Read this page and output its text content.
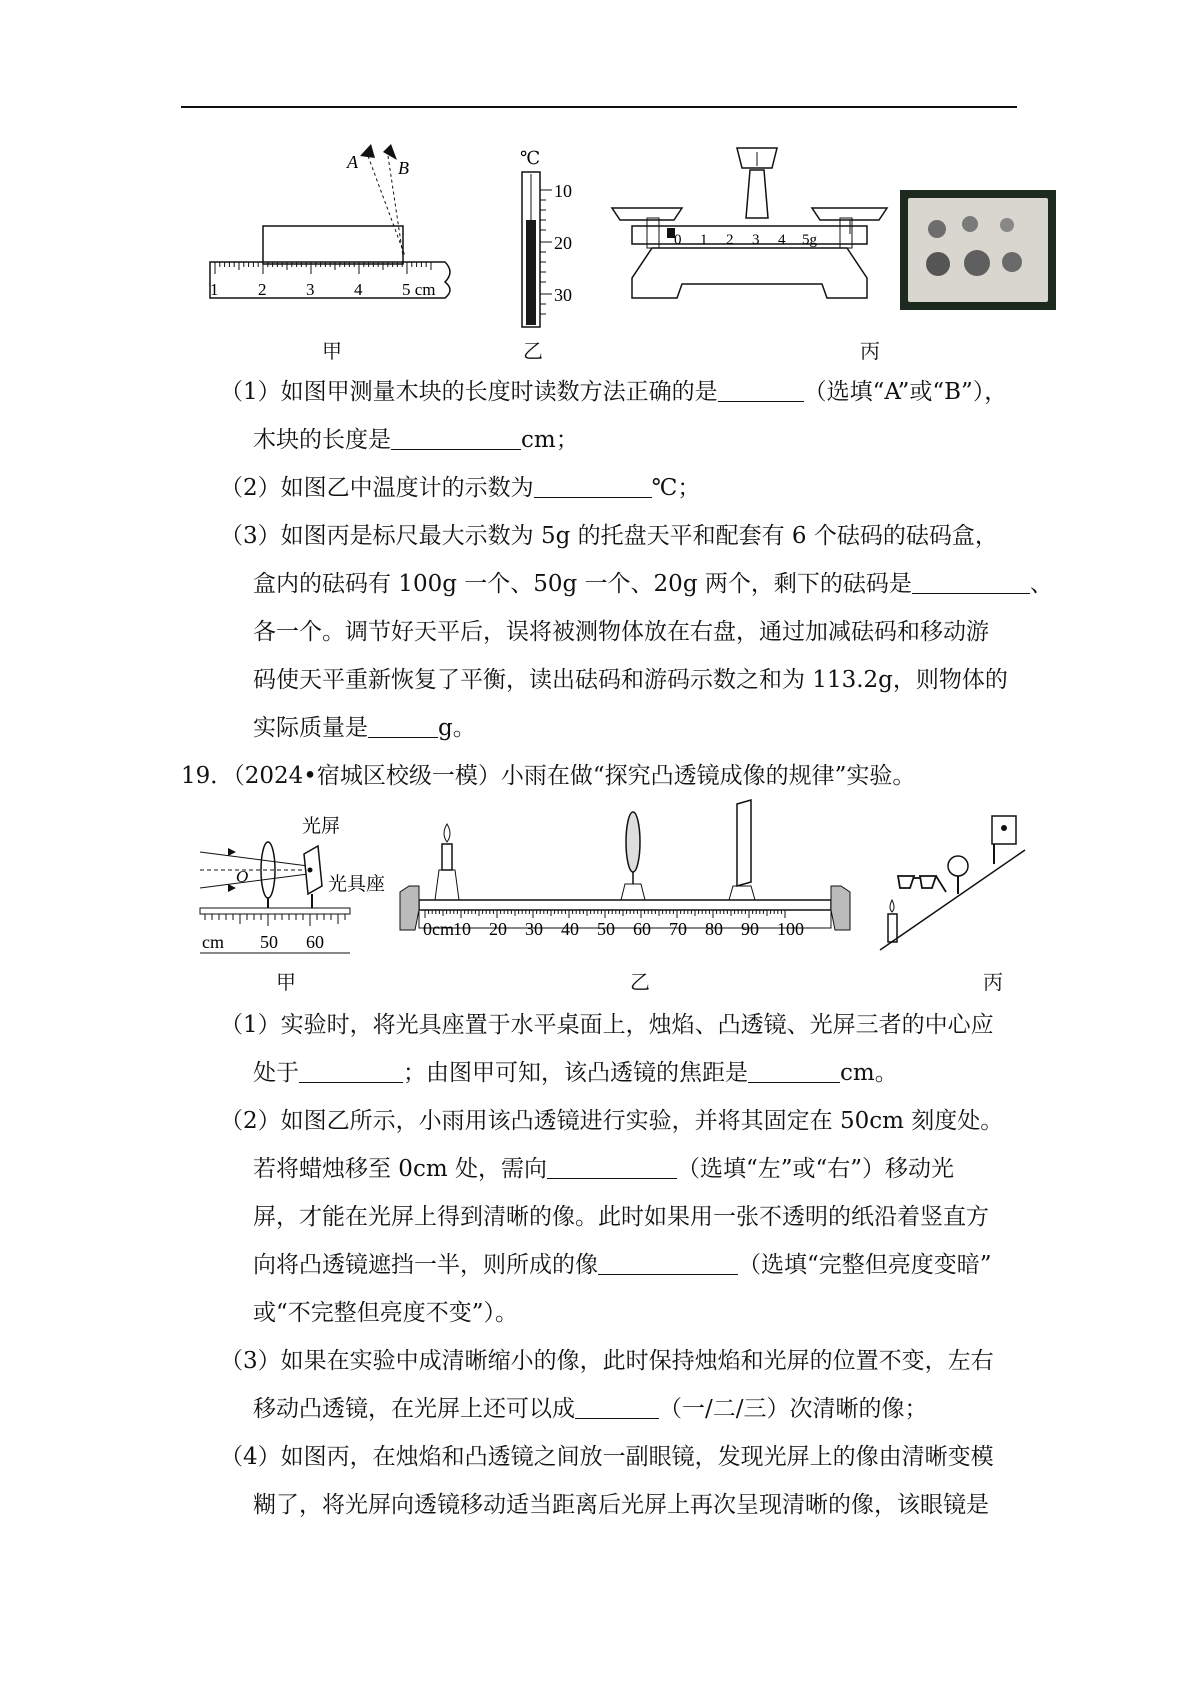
1 2 3 4 5 cm
A B	℃
10
20
30
0 1 2 3 4 5g
甲	乙	丙
（1）如图甲测量木块的长度时读数方法正确的是	（选填“A”或“B”），
木块的长度是	cm；
（2）如图乙中温度计的示数为	℃；
（3）如图丙是标尺最大示数为 5g 的托盘天平和配套有 6 个砝码的砝码盒，
盒内的砝码有 100g 一个、50g 一个、20g 两个，剩下的砝码是	、
各一个。调节好天平后，误将被测物体放在右盘，通过加减砝码和移动游
码使天平重新恢复了平衡，读出砝码和游码示数之和为 113.2g，则物体的
实际质量是	g。
19．（2024•宿城区校级一模）小雨在做“探究凸透镜成像的规律”实验。
光屏
O	光具座
cm 50 60
0cm 10 20 30 40 50 60 70 80 90 100
甲	乙	丙
（1）实验时，将光具座置于水平桌面上，烛焰、凸透镜、光屏三者的中心应
处于	；由图甲可知，该凸透镜的焦距是	cm。
（2）如图乙所示，小雨用该凸透镜进行实验，并将其固定在 50cm 刻度处。
若将蜡烛移至 0cm 处，需向	（选填“左”或“右”）移动光
屏，才能在光屏上得到清晰的像。此时如果用一张不透明的纸沿着竖直方
向将凸透镜遮挡一半，则所成的像	（选填“完整但亮度变暗”
或“不完整但亮度不变”）。
（3）如果在实验中成清晰缩小的像，此时保持烛焰和光屏的位置不变，左右
移动凸透镜，在光屏上还可以成	（一/二/三）次清晰的像；
（4）如图丙，在烛焰和凸透镜之间放一副眼镜，发现光屏上的像由清晰变模
糊了，将光屏向透镜移动适当距离后光屏上再次呈现清晰的像，该眼镜是
